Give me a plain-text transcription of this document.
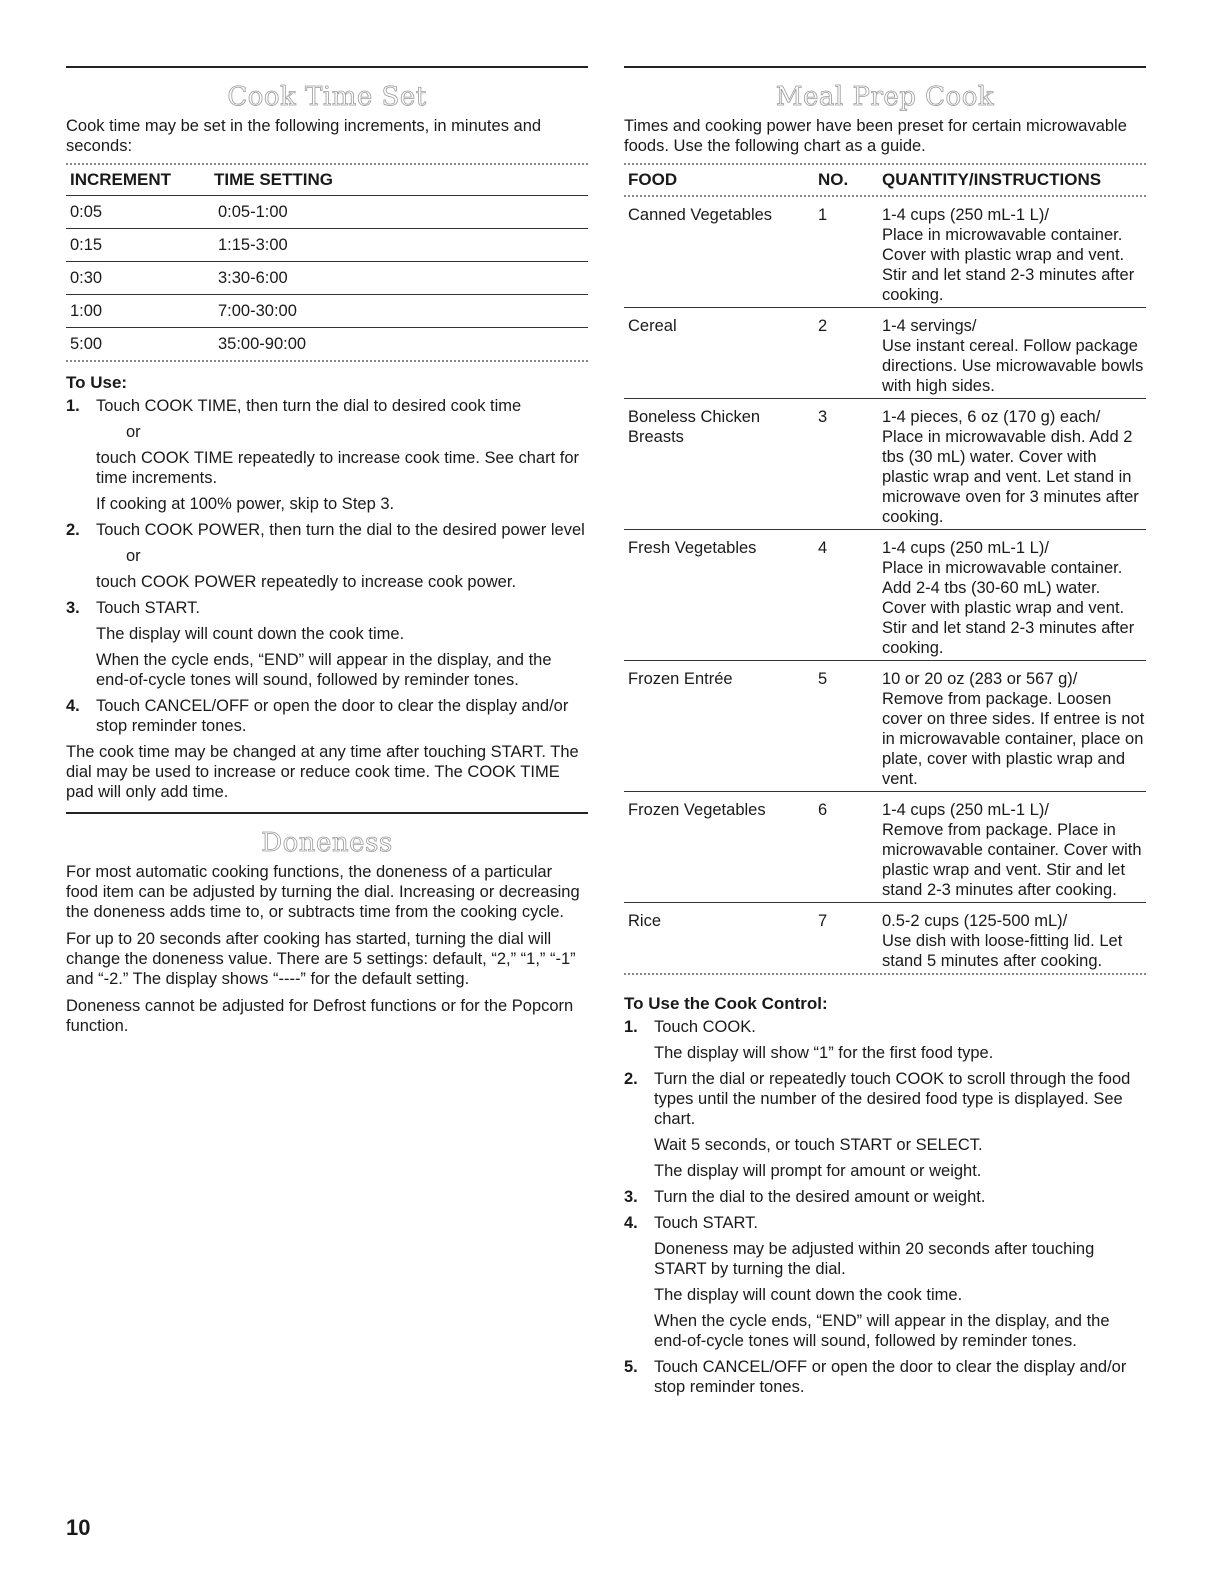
Cook Time Set

Cook time may be set in the following increments, in minutes and seconds:

INCREMENT	TIME SETTING
0:05	0:05-1:00
0:15	1:15-3:00
0:30	3:30-6:00
1:00	7:00-30:00
5:00	35:00-90:00
To Use:
1. Touch COOK TIME, then turn the dial to desired cook time
or
touch COOK TIME repeatedly to increase cook time. See chart for time increments.
If cooking at 100% power, skip to Step 3.
2. Touch COOK POWER, then turn the dial to the desired power level
or
touch COOK POWER repeatedly to increase cook power.
3. Touch START.
The display will count down the cook time.
When the cycle ends, “END” will appear in the display, and the end-of-cycle tones will sound, followed by reminder tones.
4. Touch CANCEL/OFF or open the door to clear the display and/or stop reminder tones.

The cook time may be changed at any time after touching START. The dial may be used to increase or reduce cook time. The COOK TIME pad will only add time.

Doneness

For most automatic cooking functions, the doneness of a particular food item can be adjusted by turning the dial. Increasing or decreasing the doneness adds time to, or subtracts time from the cooking cycle.

For up to 20 seconds after cooking has started, turning the dial will change the doneness value. There are 5 settings: default, “2,” “1,” “-1” and “-2.” The display shows “----” for the default setting.

Doneness cannot be adjusted for Defrost functions or for the Popcorn function.

Meal Prep Cook

Times and cooking power have been preset for certain microwavable foods. Use the following chart as a guide.

FOOD	NO.	QUANTITY/INSTRUCTIONS

Canned Vegetables	1	1-4 cups (250 mL-1 L)/
Place in microwavable container. Cover with plastic wrap and vent. Stir and let stand 2-3 minutes after cooking.

Cereal	2	1-4 servings/
Use instant cereal. Follow package directions. Use microwavable bowls with high sides.

Boneless Chicken Breasts	3	1-4 pieces, 6 oz (170 g) each/
Place in microwavable dish. Add 2 tbs (30 mL) water. Cover with plastic wrap and vent. Let stand in microwave oven for 3 minutes after cooking.

Fresh Vegetables	4	1-4 cups (250 mL-1 L)/
Place in microwavable container. Add 2-4 tbs (30-60 mL) water. Cover with plastic wrap and vent. Stir and let stand 2-3 minutes after cooking.

Frozen Entrée	5	10 or 20 oz (283 or 567 g)/
Remove from package. Loosen cover on three sides. If entree is not in microwavable container, place on plate, cover with plastic wrap and vent.

Frozen Vegetables	6	1-4 cups (250 mL-1 L)/
Remove from package. Place in microwavable container. Cover with plastic wrap and vent. Stir and let stand 2-3 minutes after cooking.

Rice	7	0.5-2 cups (125-500 mL)/
Use dish with loose-fitting lid. Let stand 5 minutes after cooking.
To Use the Cook Control:
1. Touch COOK.
The display will show “1” for the first food type.
2. Turn the dial or repeatedly touch COOK to scroll through the food types until the number of the desired food type is displayed. See chart.
Wait 5 seconds, or touch START or SELECT.
The display will prompt for amount or weight.
3. Turn the dial to the desired amount or weight.
4. Touch START.
Doneness may be adjusted within 20 seconds after touching START by turning the dial.
The display will count down the cook time.
When the cycle ends, “END” will appear in the display, and the end-of-cycle tones will sound, followed by reminder tones.
5. Touch CANCEL/OFF or open the door to clear the display and/or stop reminder tones.
10
